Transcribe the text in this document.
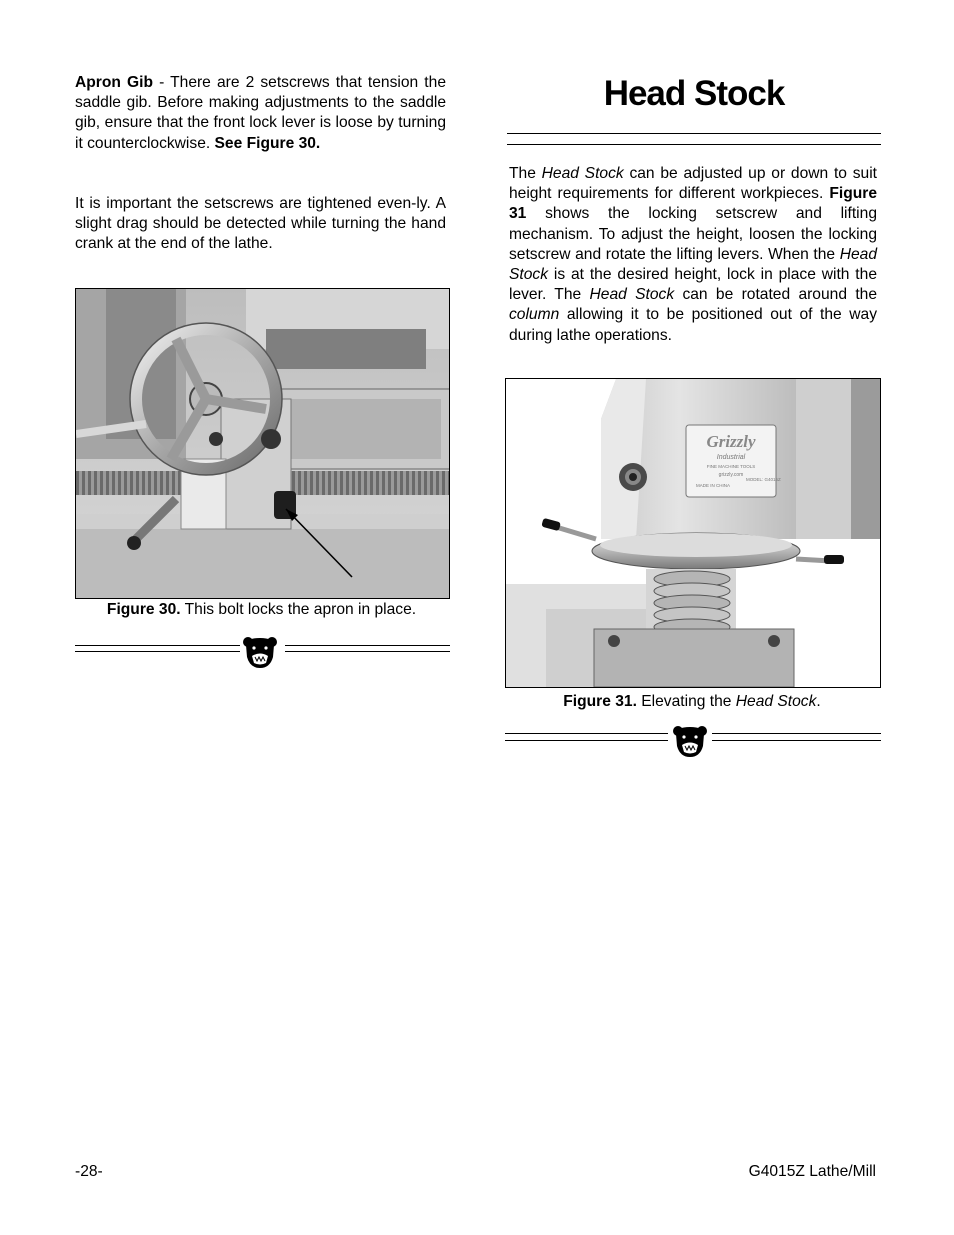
Apron Gib - There are 2 setscrews that tension the saddle gib. Before making adjustments to the saddle gib, ensure that the front lock lever is loose by turning it counterclockwise. See Figure 30.

It is important the setscrews are tightened even-ly. A slight drag should be detected while turning the hand crank at the end of the lathe.

Figure 30. This bolt locks the apron in place.

Head Stock

The Head Stock can be adjusted up or down to suit height requirements for different workpieces. Figure 31 shows the locking setscrew and lifting mechanism. To adjust the height, loosen the locking setscrew and rotate the lifting levers. When the Head Stock is at the desired height, lock in place with the lever. The Head Stock can be rotated around the column allowing it to be positioned out of the way during lathe operations.

Grizzly
Industrial
FINE MACHINE TOOLS
grizzly.com
MADE IN CHINA
MODEL: G4015Z

Figure 31. Elevating the Head Stock.

-28-	G4015Z Lathe/Mill
